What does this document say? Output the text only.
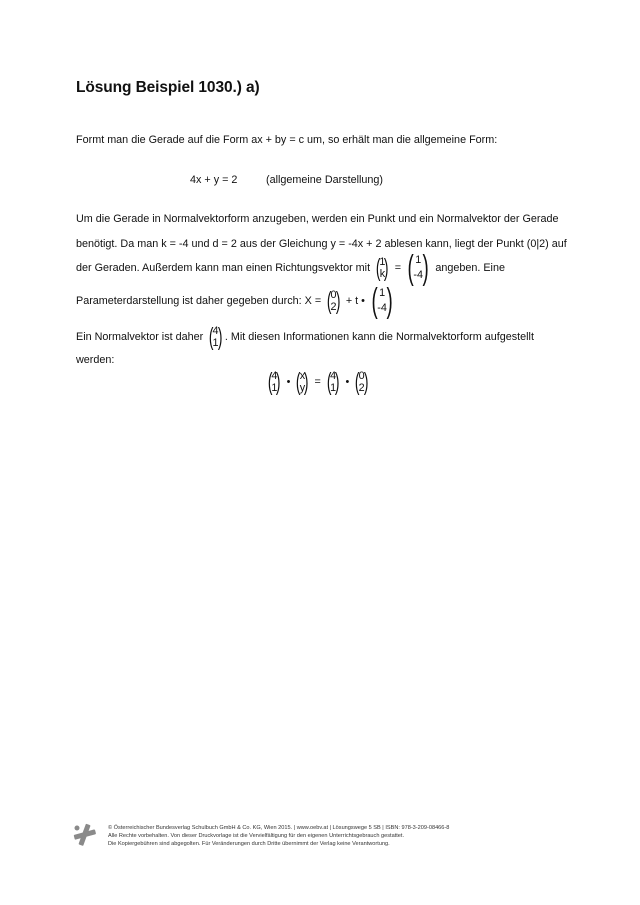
Lösung Beispiel 1030.) a)
Formt man die Gerade auf die Form ax + by = c um, so erhält man die allgemeine Form:
4x + y = 2	(allgemeine Darstellung)
Um die Gerade in Normalvektorform anzugeben, werden ein Punkt und ein Normalvektor der Gerade
benötigt. Da man k = -4 und d = 2 aus der Gleichung y = -4x + 2 ablesen kann, liegt der Punkt (0|2) auf
der Geraden. Außerdem kann man einen Richtungsvektor mit
(
1
k )
=
( 1
-4 )
angeben. Eine
Parameterdarstellung ist daher gegeben durch: X =
(
0
2
)
+ t •
( 1
-4 )
Ein Normalvektor ist daher
(
4
1
) . Mit diesen Informationen kann die Normalvektorform aufgestellt
werden:
(
4
1
)
•
(
x
y
)
=
(
4
1
)
•
(
0
2
)
© Österreichischer Bundesverlag Schulbuch GmbH & Co. KG, Wien 2015. | www.oebv.at | Lösungswege 5 SB | ISBN: 978-3-209-08466-8
Alle Rechte vorbehalten. Von dieser Druckvorlage ist die Vervielfältigung für den eigenen Unterrichtsgebrauch gestattet.
Die Kopiergebühren sind abgegolten. Für Veränderungen durch Dritte übernimmt der Verlag keine Verantwortung.
